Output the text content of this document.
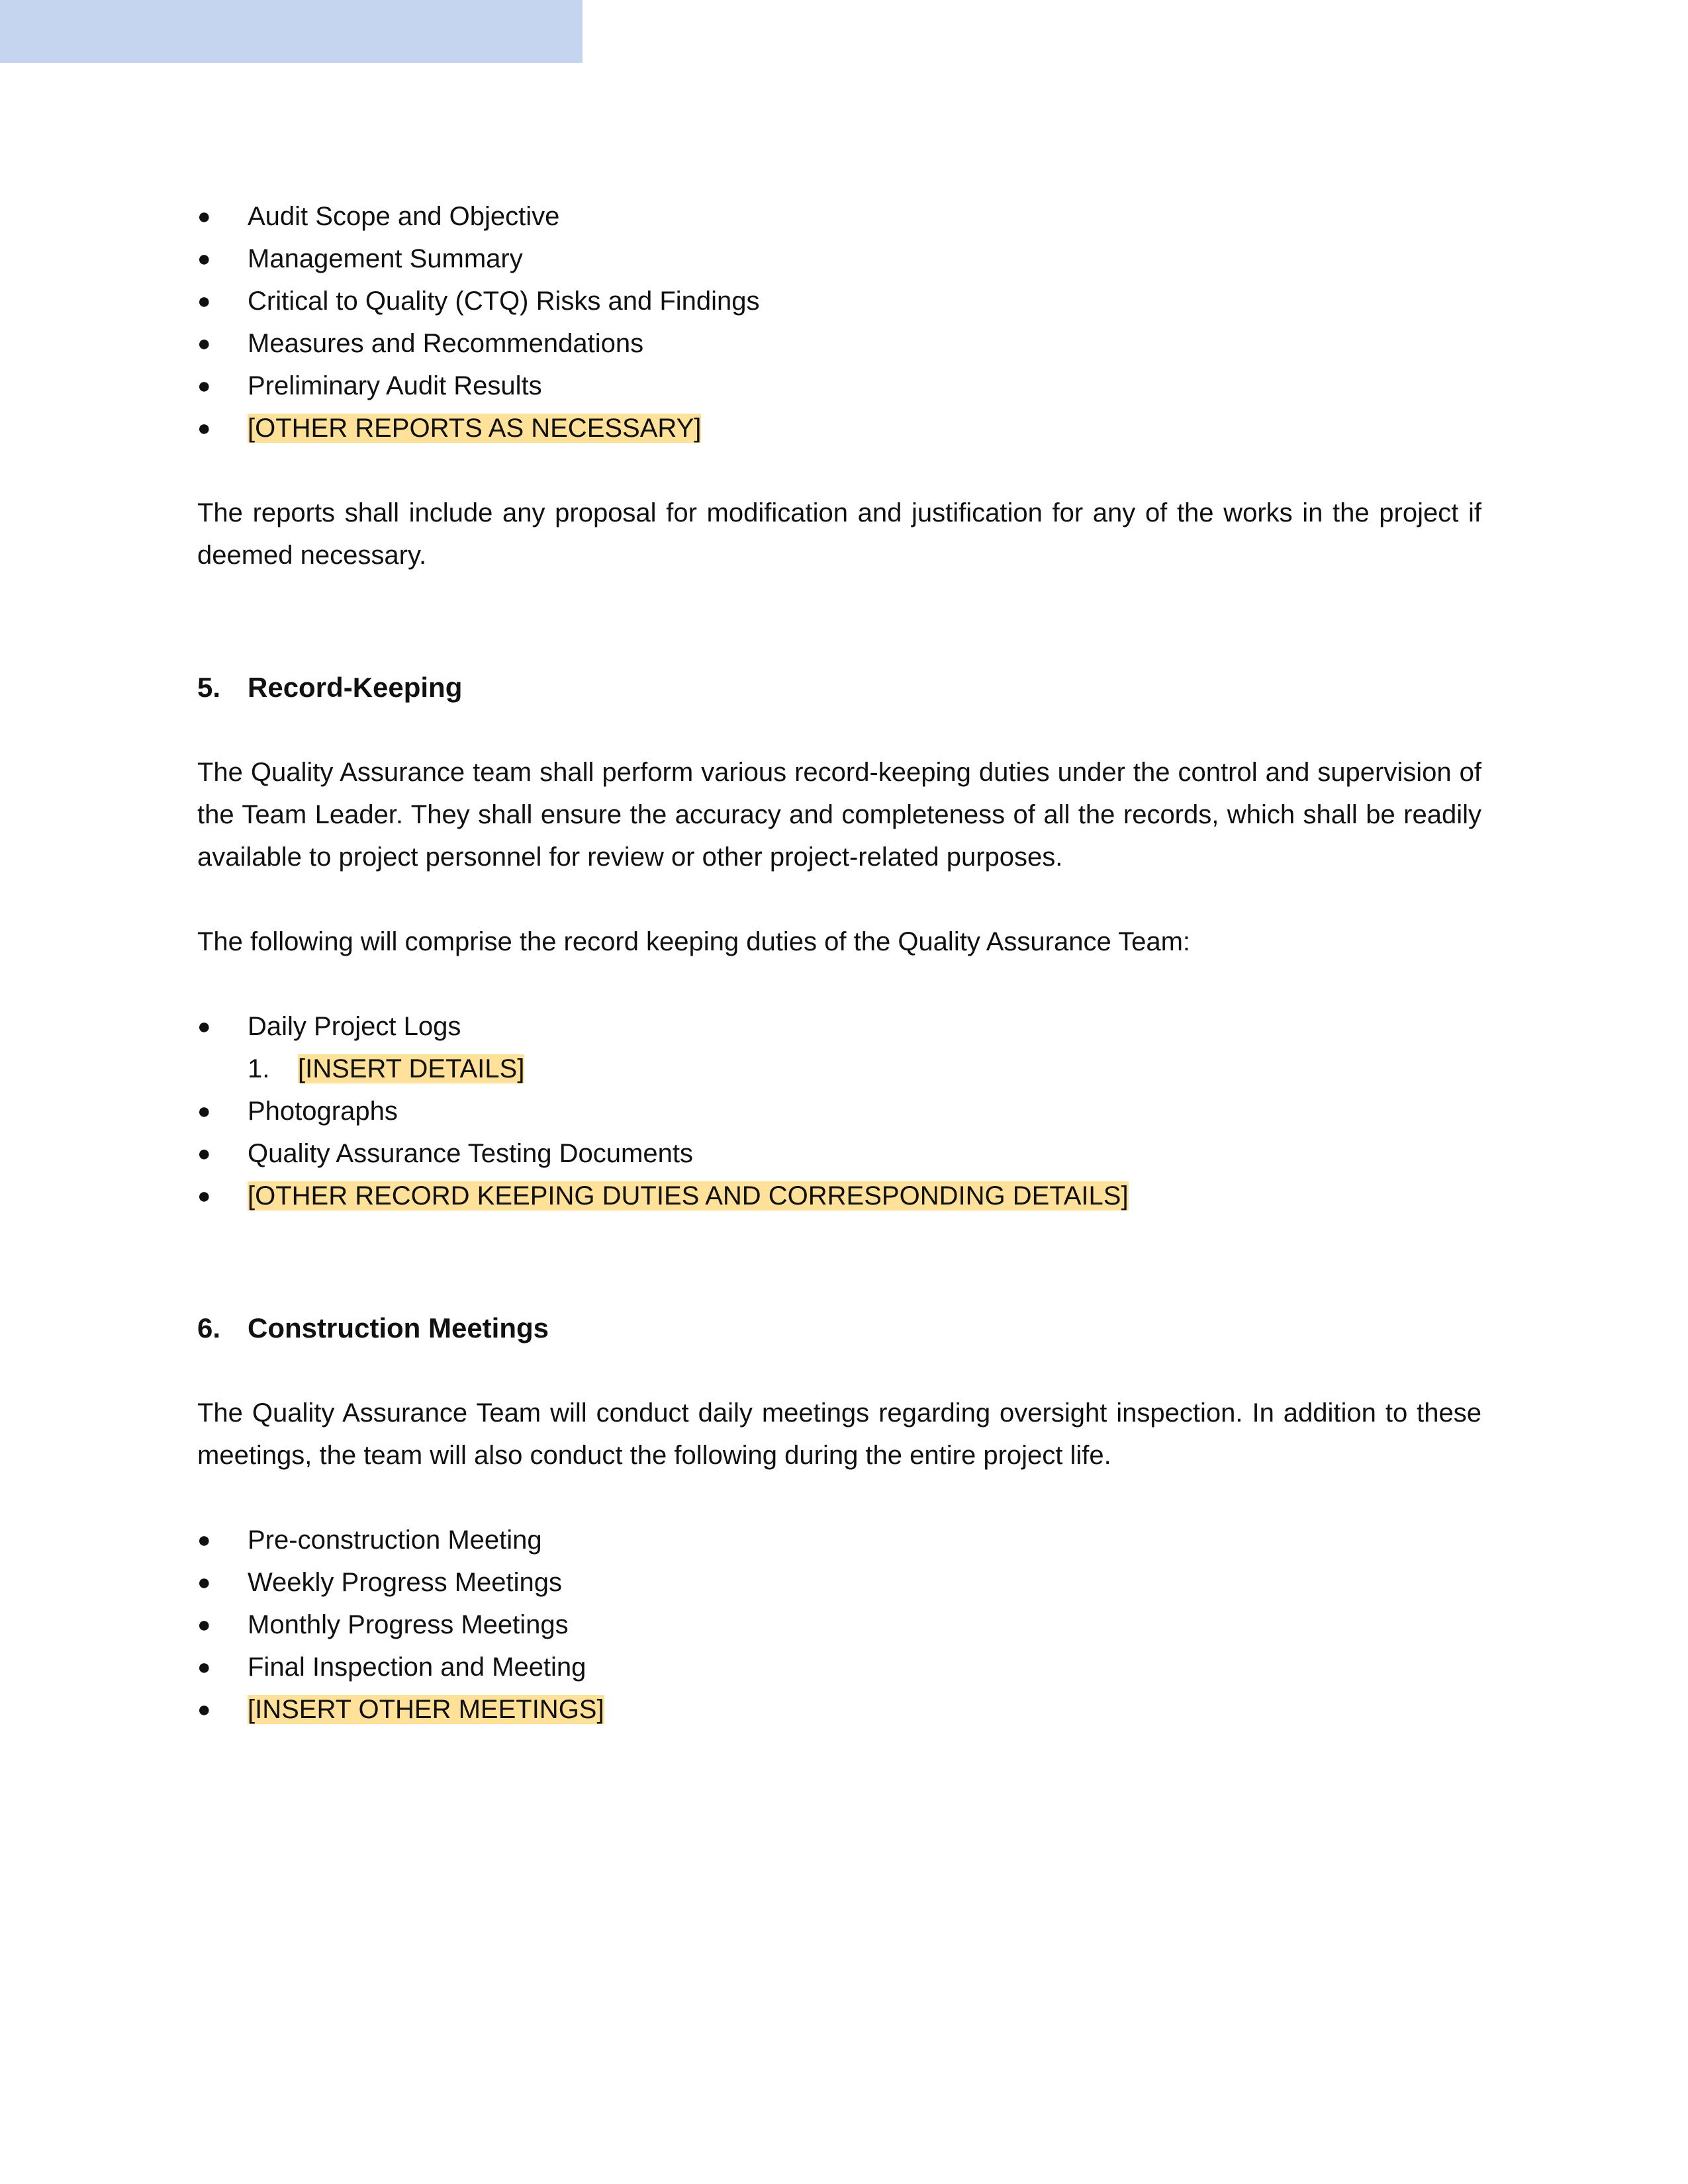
● Audit Scope and Objective
● Management Summary
● Critical to Quality (CTQ) Risks and Findings
● Measures and Recommendations
● Preliminary Audit Results
● [OTHER REPORTS AS NECESSARY]

The reports shall include any proposal for modification and justification for any of the works in the project if deemed necessary.

5. Record-Keeping

The Quality Assurance team shall perform various record-keeping duties under the control and supervision of the Team Leader. They shall ensure the accuracy and completeness of all the records, which shall be readily available to project personnel for review or other project-related purposes.

The following will comprise the record keeping duties of the Quality Assurance Team:

● Daily Project Logs
1. [INSERT DETAILS]
● Photographs
● Quality Assurance Testing Documents
● [OTHER RECORD KEEPING DUTIES AND CORRESPONDING DETAILS]
6. Construction Meetings

The Quality Assurance Team will conduct daily meetings regarding oversight inspection. In addition to these meetings, the team will also conduct the following during the entire project life.

● Pre-construction Meeting
● Weekly Progress Meetings
● Monthly Progress Meetings
● Final Inspection and Meeting
● [INSERT OTHER MEETINGS]
